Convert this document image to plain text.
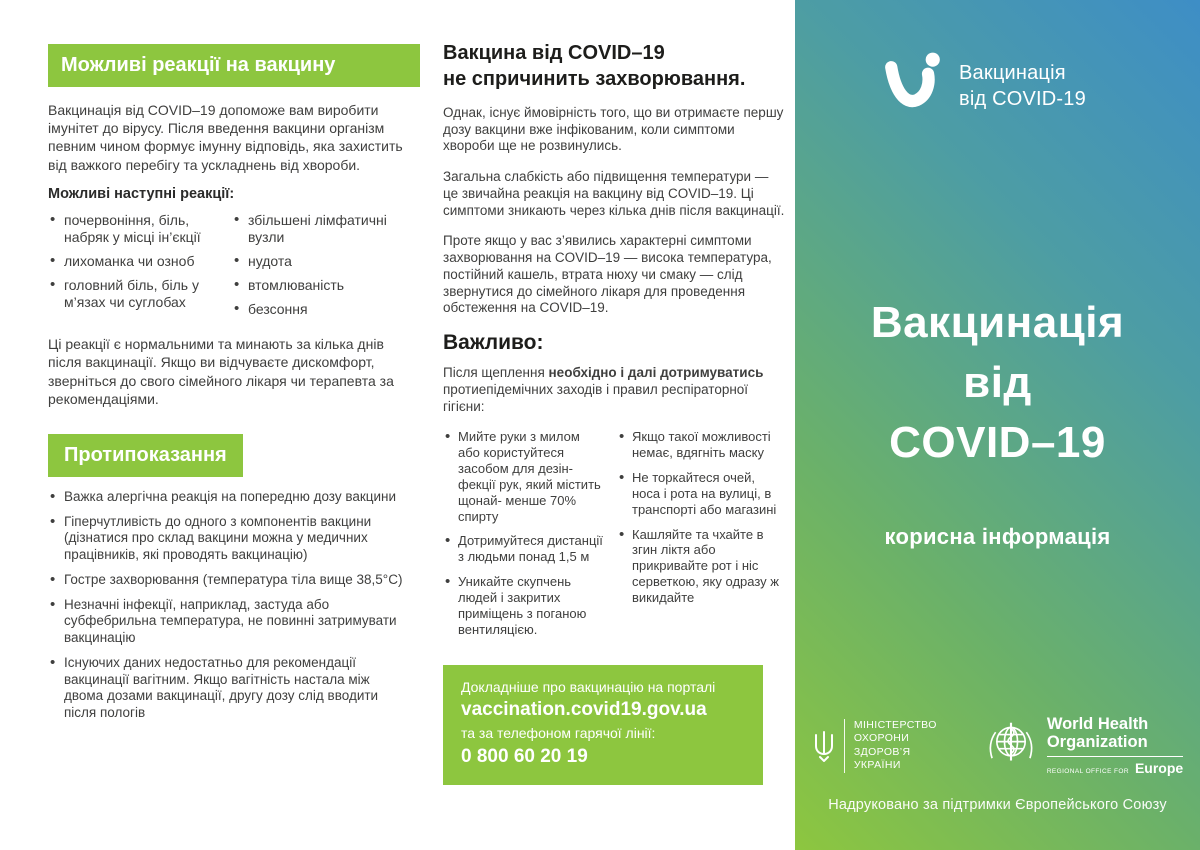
Можливі реакції на вакцину

Вакцинація від COVID–19 допоможе вам виробити імунітет до вірусу. Після введення вакцини організм певним чином формує імунну відповідь, яка захистить від важкого перебігу та ускладнень від хвороби.

Можливі наступні реакції:

• почервоніння, біль, набряк у місці ін’єкції
• лихоманка чи озноб
• головний біль, біль у м’язах чи суглобах
• збільшені лімфатичні вузли
• нудота
• втомлюваність
• безсоння

Ці реакції є нормальними та минають за кілька днів після вакцинації. Якщо ви відчуваєте дискомфорт, зверніться до свого сімейного лікаря чи терапевта за рекомендаціями.

Протипоказання
• Важка алергічна реакція на попередню дозу вакцини
• Гіперчутливість до одного з компонентів вакцини (дізнатися про склад вакцини можна у медичних працівників, які проводять вакцинацію)
• Гостре захворювання (температура тіла вище 38,5°C)
• Незначні інфекції, наприклад, застуда або субфебрильна температура, не повинні затримувати вакцинацію
• Існуючих даних недостатньо для рекомендації вакцинації вагітним. Якщо вагітність настала між двома дозами вакцинації, другу дозу слід вводити після пологів
Вакцина від COVID–19
не спричинить захворювання.

Однак, існує ймовірність того, що ви отримаєте першу дозу вакцини вже інфікованим, коли симптоми хвороби ще не розвинулись.

Загальна слабкість або підвищення температури — це звичайна реакція на вакцину від COVID–19. Ці симптоми зникають через кілька днів після вакцинації.

Проте якщо у вас з’явились характерні симптоми захворювання на COVID–19 — висока температура, постійний кашель, втрата нюху чи смаку — слід звернутися до сімейного лікаря для проведення обстеження на COVID–19.

Важливо:

Після щеплення необхідно і далі дотримуватись протиепідемічних заходів і правил респіраторної гігієни:

• Мийте руки з милом або користуйтеся засобом для дезін- фекції рук, який містить щонай- менше 70% спирту
• Дотримуйтеся дистанції з людьми понад 1,5 м
• Уникайте скупчень людей і закритих приміщень з поганою вентиляцією.
• Якщо такої можливості немає, вдягніть маску
• Не торкайтеся очей, носа і рота на вулиці, в транспорті або магазині
• Кашляйте та чхайте в згин ліктя або прикривайте рот і ніс серветкою, яку одразу ж викидайте
Докладніше про вакцинацію на порталі
vaccination.covid19.gov.ua
та за телефоном гарячої лінії:
0 800 60 20 19
Вакцинація
від COVID-19
Вакцинація
від
COVID–19
корисна інформація
МІНІСТЕРСТВО
ОХОРОНИ
ЗДОРОВ’Я
УКРАЇНИ
World Health
Organization
REGIONAL OFFICE FOR Europe
Надруковано за підтримки Європейського Союзу
